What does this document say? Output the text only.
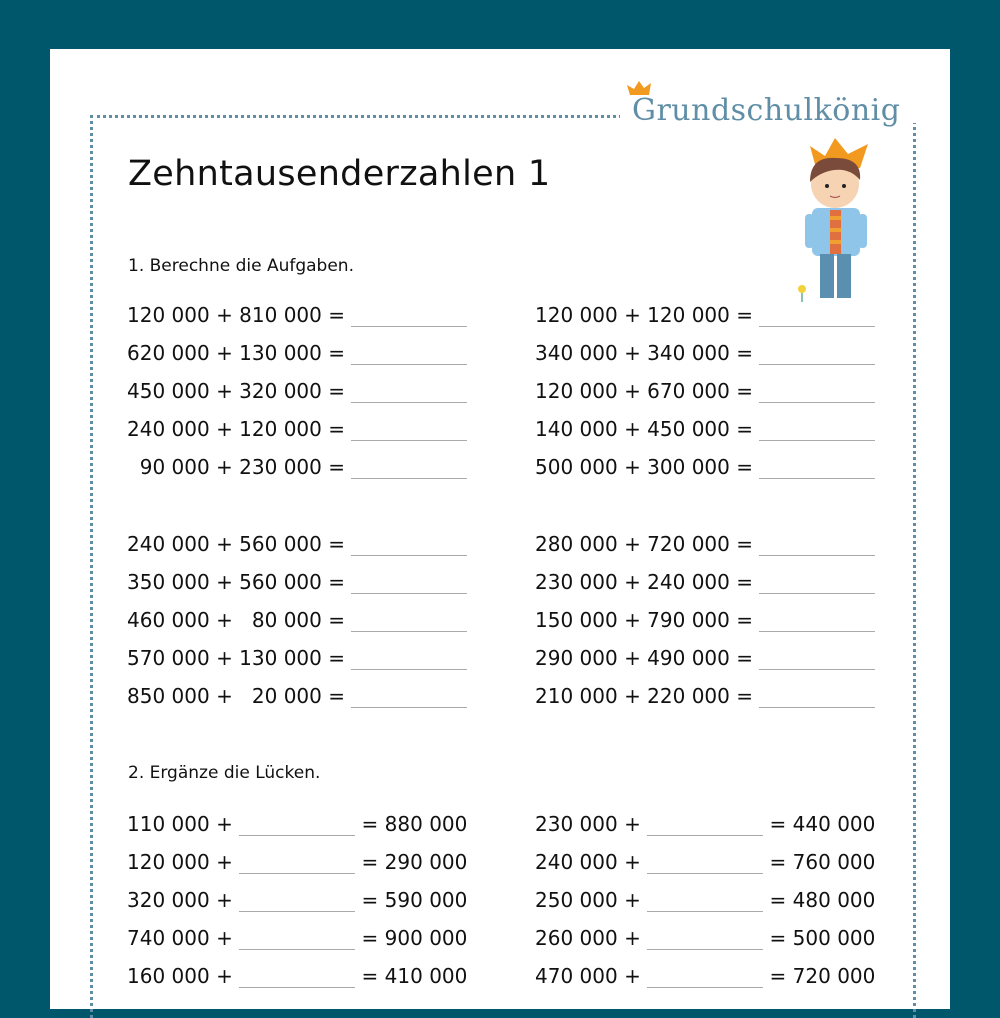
Grundschulkönig
Zehntausenderzahlen 1
1. Berechne die Aufgaben.
2. Ergänze die Lücken.
120 000 + 810 000 =
620 000 + 130 000 =
450 000 + 320 000 =
240 000 + 120 000 =
90 000 + 230 000 =
120 000 + 120 000 =
340 000 + 340 000 =
120 000 + 670 000 =
140 000 + 450 000 =
500 000 + 300 000 =
240 000 + 560 000 =
350 000 + 560 000 =
460 000 +   80 000 =
570 000 + 130 000 =
850 000 +   20 000 =
280 000 + 720 000 =
230 000 + 240 000 =
150 000 + 790 000 =
290 000 + 490 000 =
210 000 + 220 000 =
110 000 +	= 880 000
120 000 +	= 290 000
320 000 +	= 590 000
740 000 +	= 900 000
160 000 +	= 410 000
230 000 +	= 440 000
240 000 +	= 760 000
250 000 +	= 480 000
260 000 +	= 500 000
470 000 +	= 720 000
